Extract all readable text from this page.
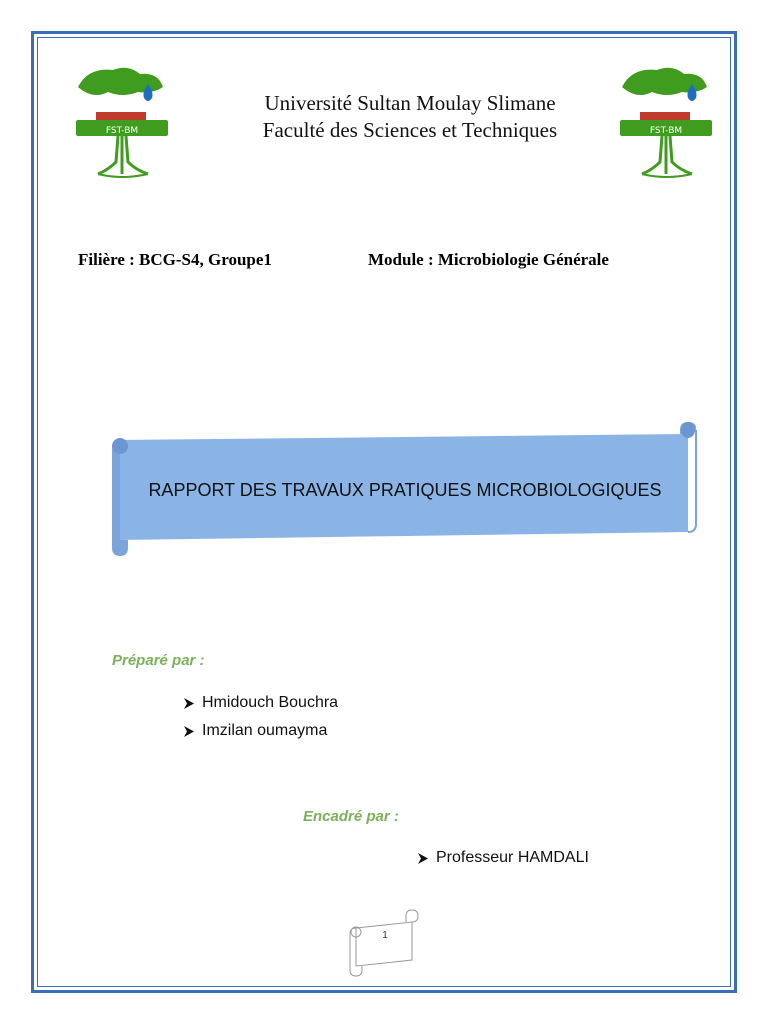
FST-BM	FST-BM
Université Sultan Moulay Slimane
Faculté des Sciences et Techniques
Filière : BCG-S4, Groupe1	Module : Microbiologie Générale
RAPPORT DES TRAVAUX PRATIQUES MICROBIOLOGIQUES
Préparé par :
Hmidouch Bouchra
Imzilan oumayma
Encadré par :
Professeur HAMDALI
1
